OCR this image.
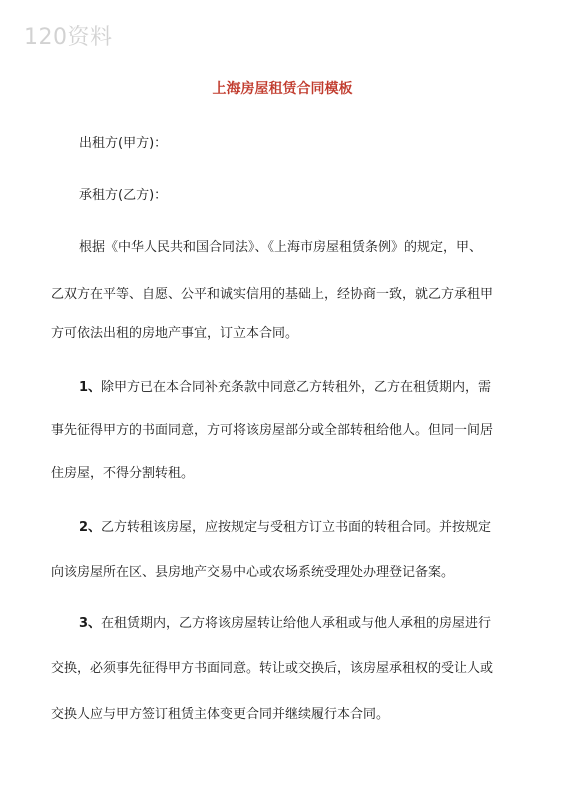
120资料
上海房屋租赁合同模板
出租方(甲方)：
承租方(乙方)：
根据《中华人民共和国合同法》、《上海市房屋租赁条例》的规定，甲、
乙双方在平等、自愿、公平和诚实信用的基础上，经协商一致，就乙方承租甲
方可依法出租的房地产事宜，订立本合同。
1、除甲方已在本合同补充条款中同意乙方转租外，乙方在租赁期内，需
事先征得甲方的书面同意，方可将该房屋部分或全部转租给他人。但同一间居
住房屋，不得分割转租。
2、乙方转租该房屋，应按规定与受租方订立书面的转租合同。并按规定
向该房屋所在区、县房地产交易中心或农场系统受理处办理登记备案。
3、在租赁期内，乙方将该房屋转让给他人承租或与他人承租的房屋进行
交换，必须事先征得甲方书面同意。转让或交换后，该房屋承租权的受让人或
交换人应与甲方签订租赁主体变更合同并继续履行本合同。
